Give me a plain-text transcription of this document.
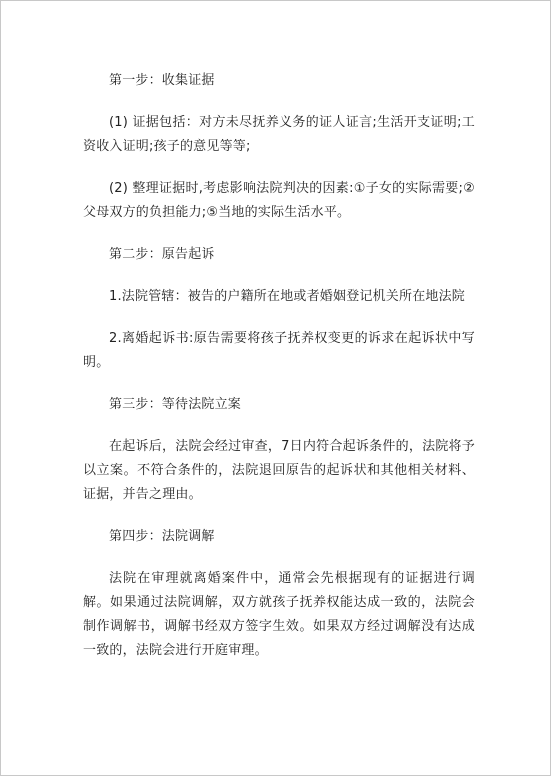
第一步：收集证据

(1) 证据包括：对方未尽抚养义务的证人证言;生活开支证明;工资收入证明;孩子的意见等等;

(2) 整理证据时,考虑影响法院判决的因素:①子女的实际需要;② 父母双方的负担能力;⑤当地的实际生活水平。

第二步：原告起诉

1.法院管辖：被告的户籍所在地或者婚姻登记机关所在地法院

2.离婚起诉书:原告需要将孩子抚养权变更的诉求在起诉状中写明。

第三步：等待法院立案

在起诉后，法院会经过审查，7日内符合起诉条件的，法院将予以立案。不符合条件的，法院退回原告的起诉状和其他相关材料、证据，并告之理由。

第四步：法院调解

法院在审理就离婚案件中，通常会先根据现有的证据进行调解。如果通过法院调解，双方就孩子抚养权能达成一致的，法院会制作调解书，调解书经双方签字生效。如果双方经过调解没有达成一致的，法院会进行开庭审理。
